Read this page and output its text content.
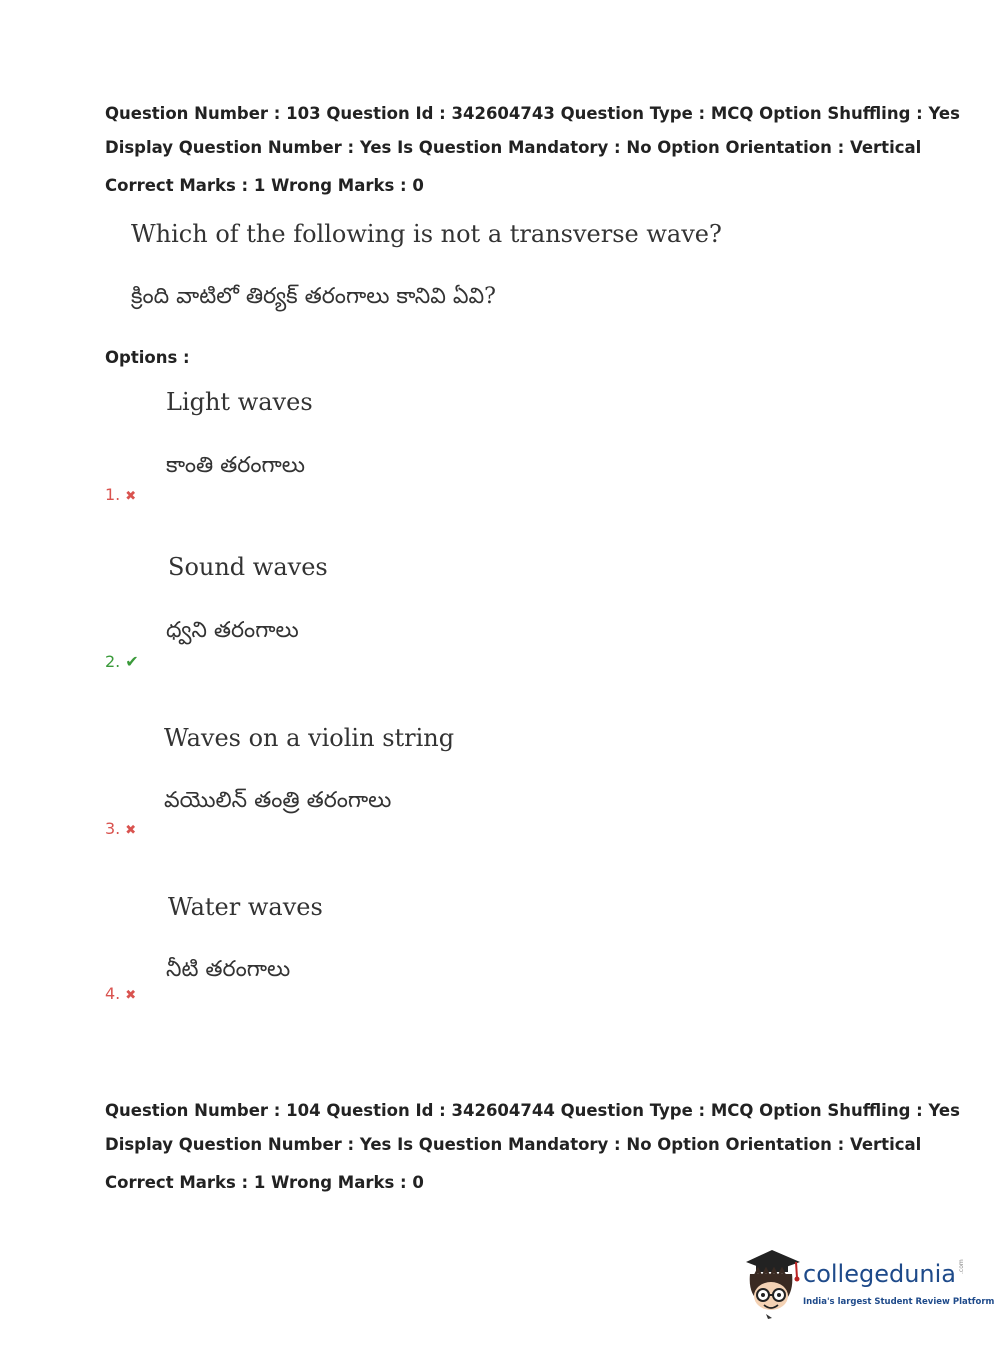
Question Number : 103 Question Id : 342604743 Question Type : MCQ Option Shuffling : Yes
Display Question Number : Yes Is Question Mandatory : No Option Orientation : Vertical
Correct Marks : 1 Wrong Marks : 0
Which of the following is not a transverse wave?
క్రింది వాటిలో తిర్యక్ తరంగాలు కానివి ఏవి?
Options :
Light waves
కాంతి తరంగాలు
1. ✖
Sound waves
ధ్వని తరంగాలు
2. ✔
Waves on a violin string
వయొలిన్ తంత్రి తరంగాలు
3. ✖
Water waves
నీటి తరంగాలు
4. ✖
Question Number : 104 Question Id : 342604744 Question Type : MCQ Option Shuffling : Yes
Display Question Number : Yes Is Question Mandatory : No Option Orientation : Vertical
Correct Marks : 1 Wrong Marks : 0
collegedunia .com
India's largest Student Review Platform
